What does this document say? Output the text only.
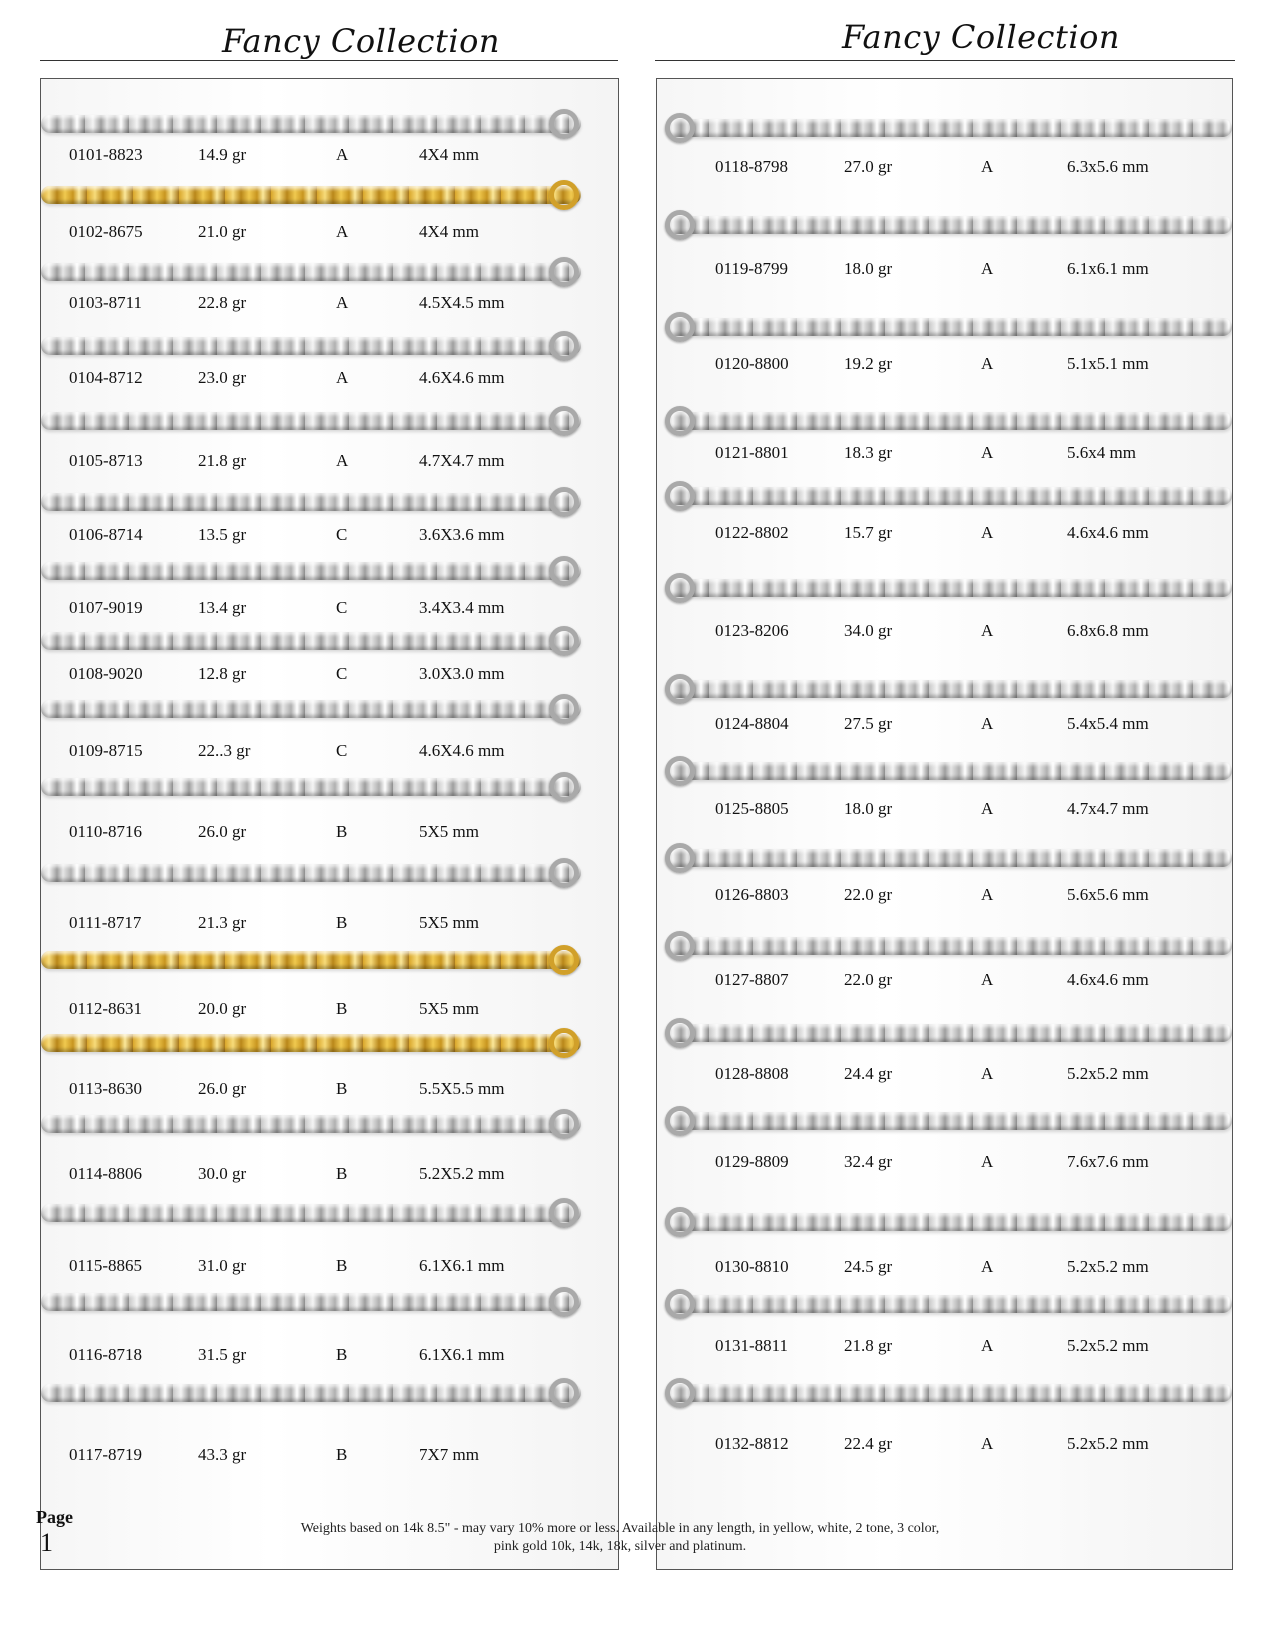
Fancy Collection	Fancy Collection
0101-8823	14.9 gr	A	4X4 mm
0102-8675	21.0 gr	A	4X4 mm
0103-8711	22.8 gr	A	4.5X4.5 mm
0104-8712	23.0 gr	A	4.6X4.6 mm
0105-8713	21.8 gr	A	4.7X4.7 mm
0106-8714	13.5 gr	C	3.6X3.6 mm
0107-9019	13.4 gr	C	3.4X3.4 mm
0108-9020	12.8 gr	C	3.0X3.0 mm
0109-8715	22..3 gr	C	4.6X4.6 mm
0110-8716	26.0 gr	B	5X5 mm
0111-8717	21.3 gr	B	5X5 mm
0112-8631	20.0 gr	B	5X5 mm
0113-8630	26.0 gr	B	5.5X5.5 mm
0114-8806	30.0 gr	B	5.2X5.2 mm
0115-8865	31.0 gr	B	6.1X6.1 mm
0116-8718	31.5 gr	B	6.1X6.1 mm
0117-8719	43.3 gr	B	7X7 mm
0118-8798	27.0 gr	A	6.3x5.6 mm
0119-8799	18.0 gr	A	6.1x6.1 mm
0120-8800	19.2 gr	A	5.1x5.1 mm
0121-8801	18.3 gr	A	5.6x4 mm
0122-8802	15.7 gr	A	4.6x4.6 mm
0123-8206	34.0 gr	A	6.8x6.8 mm
0124-8804	27.5 gr	A	5.4x5.4 mm
0125-8805	18.0 gr	A	4.7x4.7 mm
0126-8803	22.0 gr	A	5.6x5.6 mm
0127-8807	22.0 gr	A	4.6x4.6 mm
0128-8808	24.4 gr	A	5.2x5.2 mm
0129-8809	32.4 gr	A	7.6x7.6 mm
0130-8810	24.5 gr	A	5.2x5.2 mm
0131-8811	21.8 gr	A	5.2x5.2 mm
0132-8812	22.4 gr	A	5.2x5.2 mm
Page
1	Weights based on 14k 8.5" - may vary 10% more or less. Available in any length, in yellow, white, 2 tone, 3 color,
pink gold 10k, 14k, 18k, silver and platinum.
